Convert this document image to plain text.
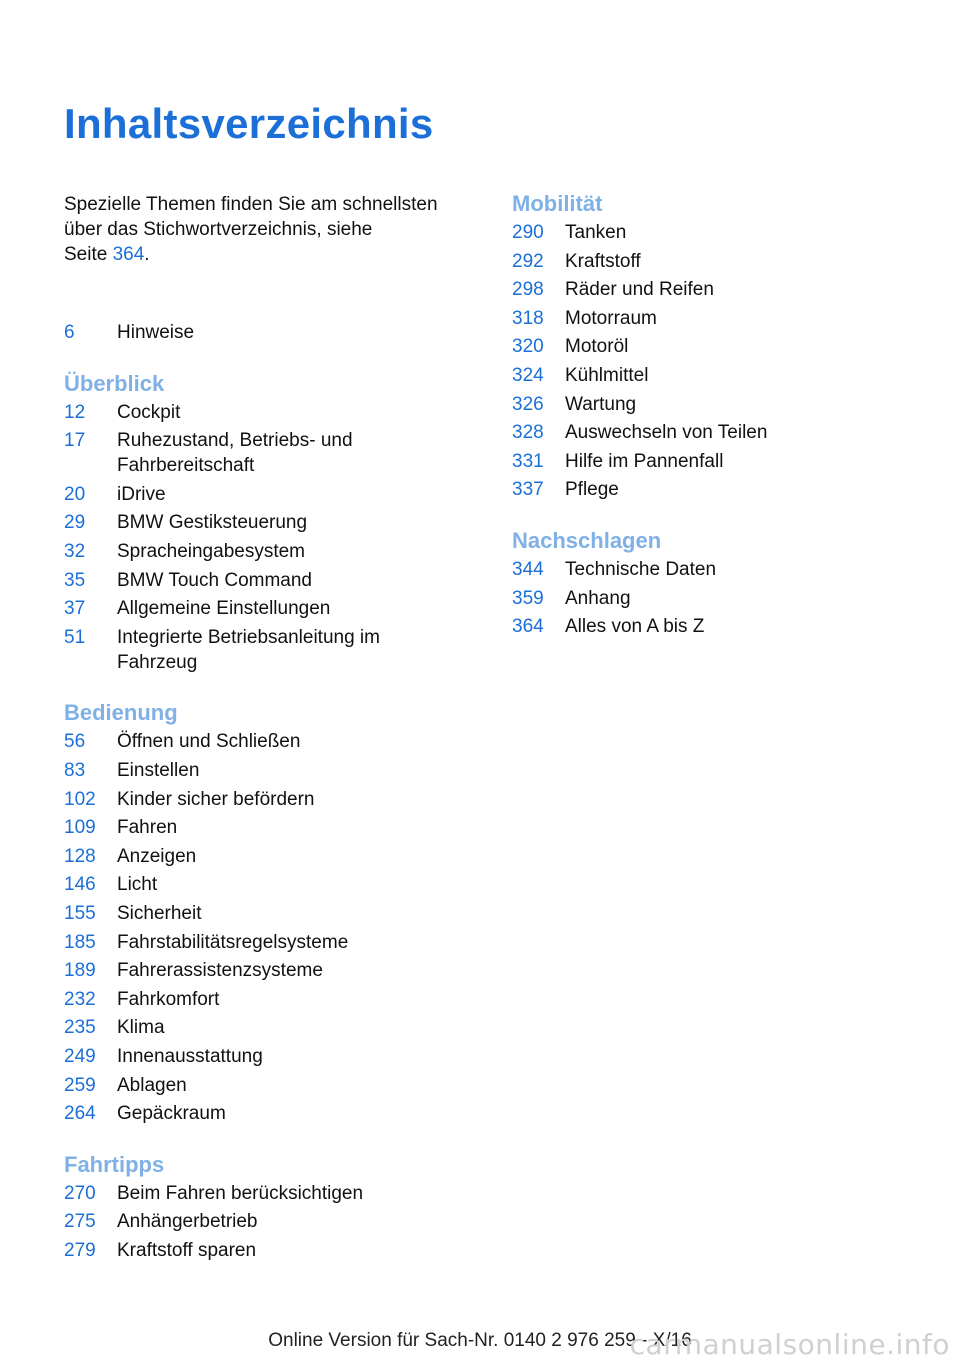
Inhaltsverzeichnis

Spezielle Themen finden Sie am schnellsten
über das Stichwortverzeichnis, siehe
Seite 364.

6 Hinweise
Überblick
12 Cockpit
17 Ruhezustand, Betriebs- und
Fahrbereitschaft
20 iDrive
29 BMW Gestiksteuerung
32 Spracheingabesystem
35 BMW Touch Command
37 Allgemeine Einstellungen
51 Integrierte Betriebsanleitung im
Fahrzeug
Bedienung
56 Öffnen und Schließen
83 Einstellen
102 Kinder sicher befördern
109 Fahren
128 Anzeigen
146 Licht
155 Sicherheit
185 Fahrstabilitätsregelsysteme
189 Fahrerassistenzsysteme
232 Fahrkomfort
235 Klima
249 Innenausstattung
259 Ablagen
264 Gepäckraum
Fahrtipps
270 Beim Fahren berücksichtigen
275 Anhängerbetrieb
279 Kraftstoff sparen
Mobilität
290 Tanken
292 Kraftstoff
298 Räder und Reifen
318 Motorraum
320 Motoröl
324 Kühlmittel
326 Wartung
328 Auswechseln von Teilen
331 Hilfe im Pannenfall
337 Pflege
Nachschlagen
344 Technische Daten
359 Anhang
364 Alles von A bis Z
Online Version für Sach-Nr. 0140 2 976 259 - X/16
carmanualsonline.info
